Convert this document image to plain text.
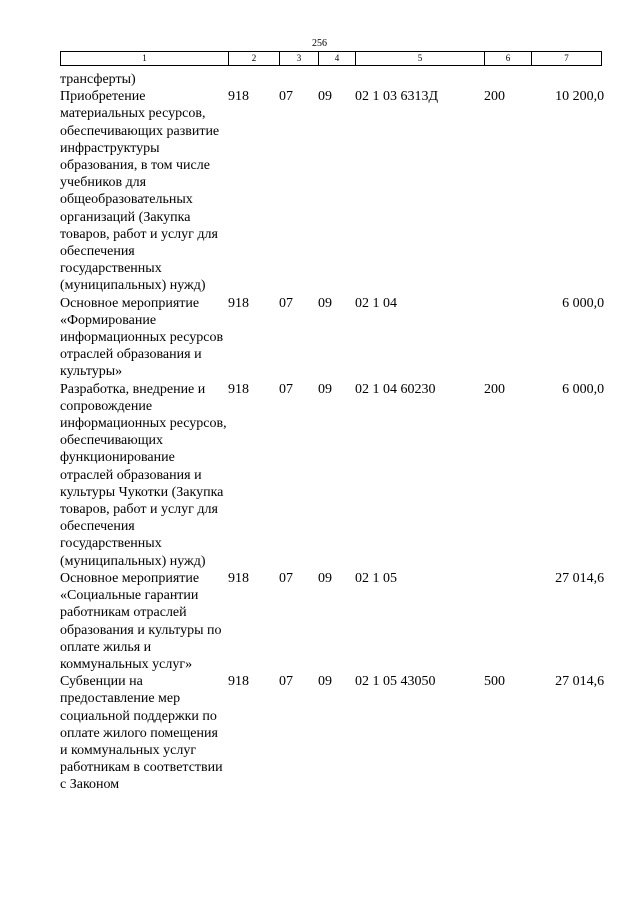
256
1	2	3	4	5	6	7
трансферты)						
Приобретение материальных ресурсов, обеспечивающих развитие инфраструктуры образования, в том числе учебников для общеобразовательных организаций (Закупка товаров, работ и услуг для обеспечения государственных (муниципальных) нужд)	918	07	09	02 1 03 6313Д	200	10 200,0
Основное мероприятие «Формирование информационных ресурсов отраслей образования и культуры»	918	07	09	02 1 04		6 000,0
Разработка, внедрение и сопровождение информационных ресурсов, обеспечивающих функционирование отраслей образования и культуры Чукотки (Закупка товаров, работ и услуг для обеспечения государственных (муниципальных) нужд)	918	07	09	02 1 04 60230	200	6 000,0
Основное мероприятие «Социальные гарантии работникам отраслей образования и культуры по оплате жилья и коммунальных услуг»	918	07	09	02 1 05		27 014,6
Субвенции на предоставление мер социальной поддержки по оплате жилого помещения и коммунальных услуг работникам в соответствии с Законом	918	07	09	02 1 05 43050	500	27 014,6
